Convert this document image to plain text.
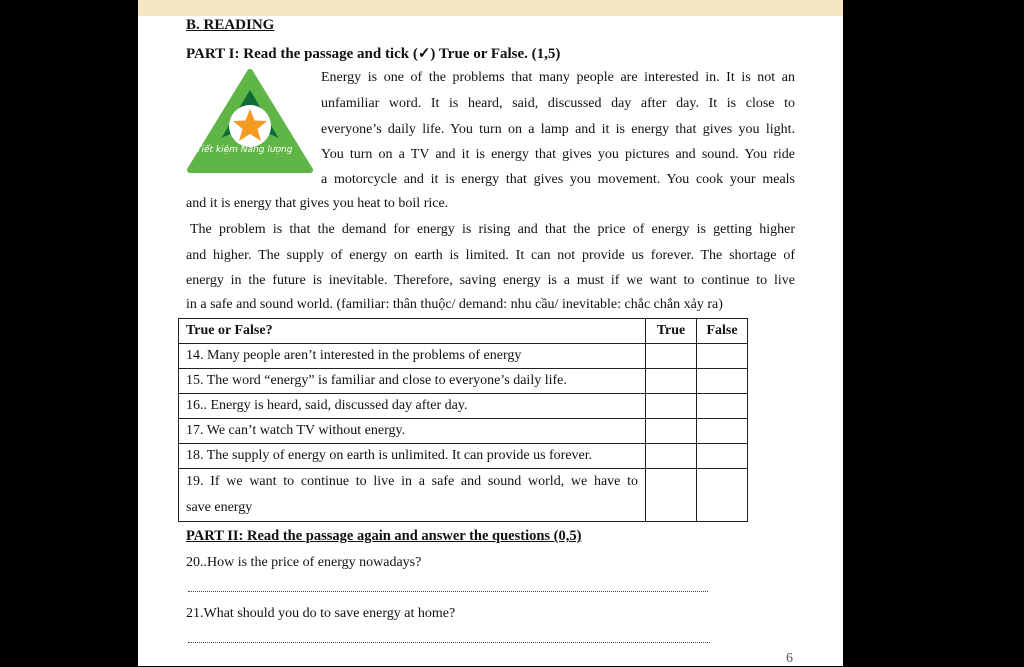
B. READING
PART I: Read the passage and tick (✓) True or False. (1,5)
Tiết kiệm Năng lượng
Energy is one of the problems that many people are interested in. It is not an
unfamiliar word. It is heard, said, discussed day after day. It is close to
everyone’s daily life. You turn on a lamp and it is energy that gives you light.
You turn on a TV and it is energy that gives you pictures and sound. You ride
a motorcycle and it is energy that gives you movement. You cook your meals
and it is energy that gives you heat to boil rice.
The problem is that the demand for energy is rising and that the price of energy is getting higher
and higher. The supply of energy on earth is limited. It can not provide us forever. The shortage of
energy in the future is inevitable. Therefore, saving energy is a must if we want to continue to live
in a safe and sound world. (familiar: thân thuộc/ demand: nhu cầu/ inevitable: chắc chắn xảy ra)
True or False?	True	False
14. Many people aren’t interested in the problems of energy		
15. The word “energy” is familiar and close to everyone’s daily life.		
16.. Energy is heard, said, discussed day after day.		
17. We can’t watch TV without energy.		
18. The supply of energy on earth is unlimited. It can provide us forever.		

19. If we want to continue to live in a safe and sound world, we have to
save energy		

PART II: Read the passage again and answer the questions (0,5)
20..How is the price of energy nowadays?
21.What should you do to save energy at home?
6
